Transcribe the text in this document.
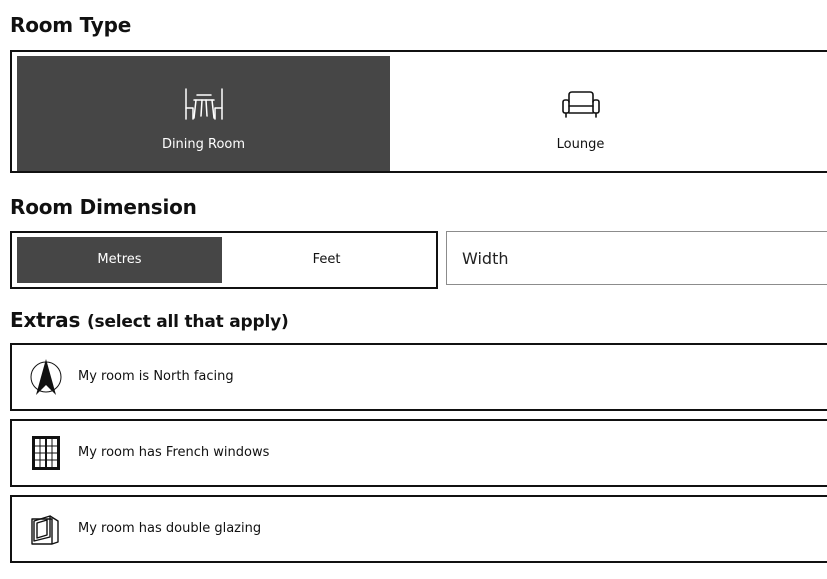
Room Type
Dining Room	Lounge
Room Dimension
Metres	Feet
Width
Extras (select all that apply)
My room is North facing
My room has French windows
My room has double glazing
